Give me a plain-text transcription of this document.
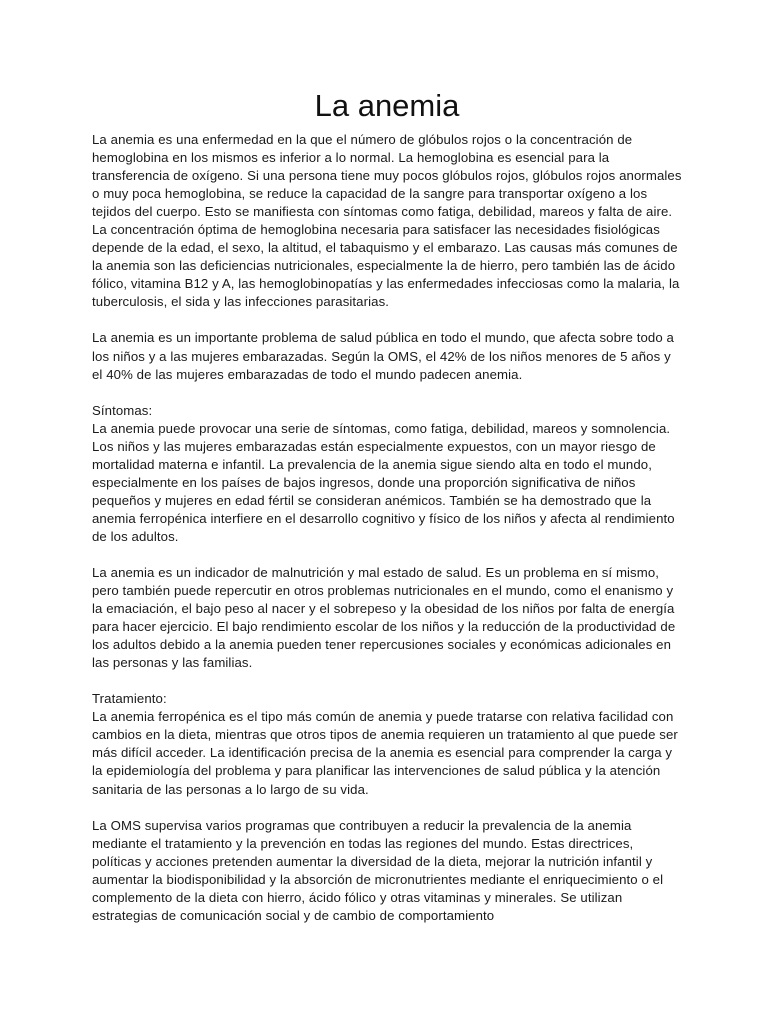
La anemia

La anemia es una enfermedad en la que el número de glóbulos rojos o la concentración de hemoglobina en los mismos es inferior a lo normal. La hemoglobina es esencial para la transferencia de oxígeno. Si una persona tiene muy pocos glóbulos rojos, glóbulos rojos anormales o muy poca hemoglobina, se reduce la capacidad de la sangre para transportar oxígeno a los tejidos del cuerpo. Esto se manifiesta con síntomas como fatiga, debilidad, mareos y falta de aire. La concentración óptima de hemoglobina necesaria para satisfacer las necesidades fisiológicas depende de la edad, el sexo, la altitud, el tabaquismo y el embarazo. Las causas más comunes de la anemia son las deficiencias nutricionales, especialmente la de hierro, pero también las de ácido fólico, vitamina B12 y A, las hemoglobinopatías y las enfermedades infecciosas como la malaria, la tuberculosis, el sida y las infecciones parasitarias.

La anemia es un importante problema de salud pública en todo el mundo, que afecta sobre todo a los niños y a las mujeres embarazadas. Según la OMS, el 42% de los niños menores de 5 años y el 40% de las mujeres embarazadas de todo el mundo padecen anemia.

Síntomas:

La anemia puede provocar una serie de síntomas, como fatiga, debilidad, mareos y somnolencia. Los niños y las mujeres embarazadas están especialmente expuestos, con un mayor riesgo de mortalidad materna e infantil. La prevalencia de la anemia sigue siendo alta en todo el mundo, especialmente en los países de bajos ingresos, donde una proporción significativa de niños pequeños y mujeres en edad fértil se consideran anémicos. También se ha demostrado que la anemia ferropénica interfiere en el desarrollo cognitivo y físico de los niños y afecta al rendimiento de los adultos.

La anemia es un indicador de malnutrición y mal estado de salud. Es un problema en sí mismo, pero también puede repercutir en otros problemas nutricionales en el mundo, como el enanismo y la emaciación, el bajo peso al nacer y el sobrepeso y la obesidad de los niños por falta de energía para hacer ejercicio. El bajo rendimiento escolar de los niños y la reducción de la productividad de los adultos debido a la anemia pueden tener repercusiones sociales y económicas adicionales en las personas y las familias.

Tratamiento:

La anemia ferropénica es el tipo más común de anemia y puede tratarse con relativa facilidad con cambios en la dieta, mientras que otros tipos de anemia requieren un tratamiento al que puede ser más difícil acceder. La identificación precisa de la anemia es esencial para comprender la carga y la epidemiología del problema y para planificar las intervenciones de salud pública y la atención sanitaria de las personas a lo largo de su vida.

La OMS supervisa varios programas que contribuyen a reducir la prevalencia de la anemia mediante el tratamiento y la prevención en todas las regiones del mundo. Estas directrices, políticas y acciones pretenden aumentar la diversidad de la dieta, mejorar la nutrición infantil y aumentar la biodisponibilidad y la absorción de micronutrientes mediante el enriquecimiento o el complemento de la dieta con hierro, ácido fólico y otras vitaminas y minerales. Se utilizan estrategias de comunicación social y de cambio de comportamiento
